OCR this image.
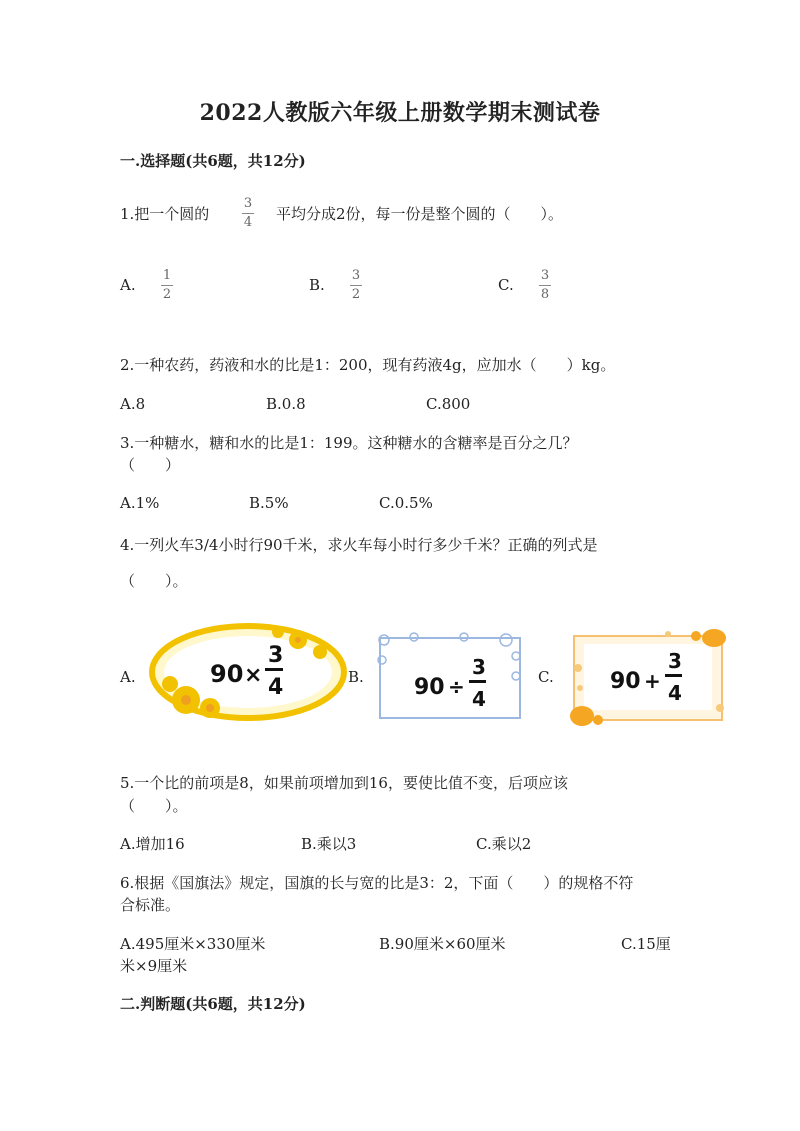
2022人教版六年级上册数学期末测试卷
一.选择题(共6题，共12分)
1.把一个圆的
3
4 平均分成2份，每一份是整个圆的（　　）。
A.
1
2
B.
3
2
C.
3
8
2.一种农药，药液和水的比是1：200，现有药液4g，应加水（　　）kg。
A.8	B.0.8	C.800
3.一种糖水，糖和水的比是1：199。这种糖水的含糖率是百分之几？
（　　）
A.1%	B.5%	C.0.5%
4.一列火车3/4小时行90千米，求火车每小时行多少千米？正确的列式是
（　　）。
A.	90 ×
3
4	B. 90 ÷
3
4
C.	90 +
3
4
5.一个比的前项是8，如果前项增加到16，要使比值不变，后项应该
（　　）。
A.增加16	B.乘以3	C.乘以2
6.根据《国旗法》规定，国旗的长与宽的比是3：2，下面（　　）的规格不符
合标准。
A.495厘米×330厘米	B.90厘米×60厘米	C.15厘
米×9厘米
二.判断题(共6题，共12分)
